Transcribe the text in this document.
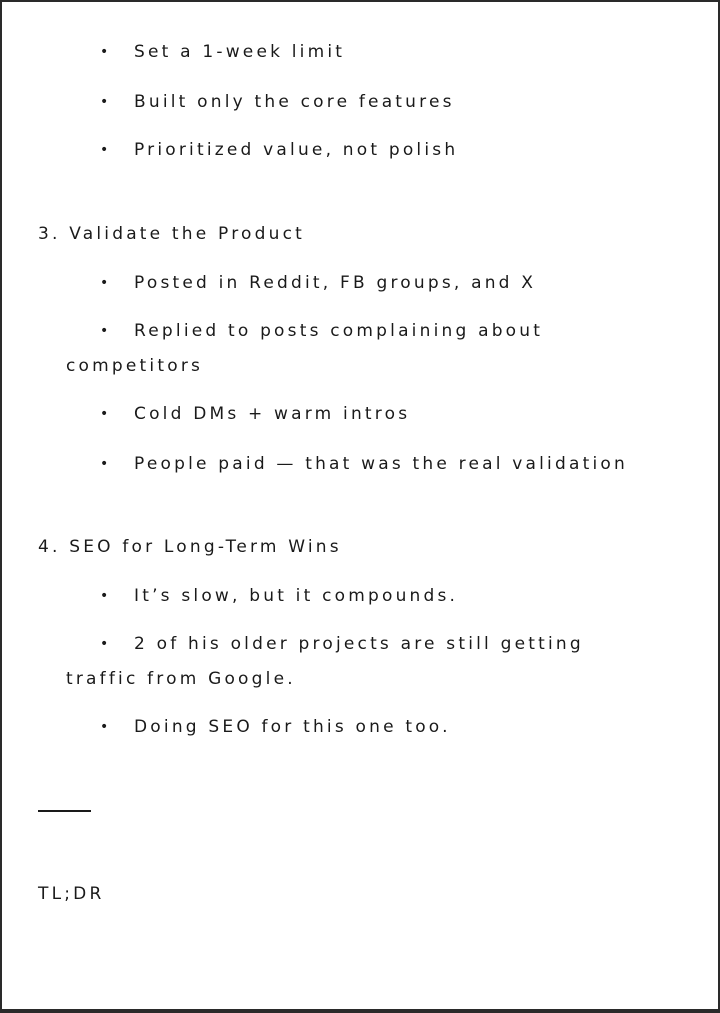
• Set a 1-week limit
• Built only the core features
• Prioritized value, not polish
3. Validate the Product
• Posted in Reddit, FB groups, and X
• Replied to posts complaining about
competitors
• Cold DMs + warm intros
• People paid — that was the real validation
4. SEO for Long-Term Wins
• It’s slow, but it compounds.
• 2 of his older projects are still getting
traffic from Google.
• Doing SEO for this one too.
TL;DR
